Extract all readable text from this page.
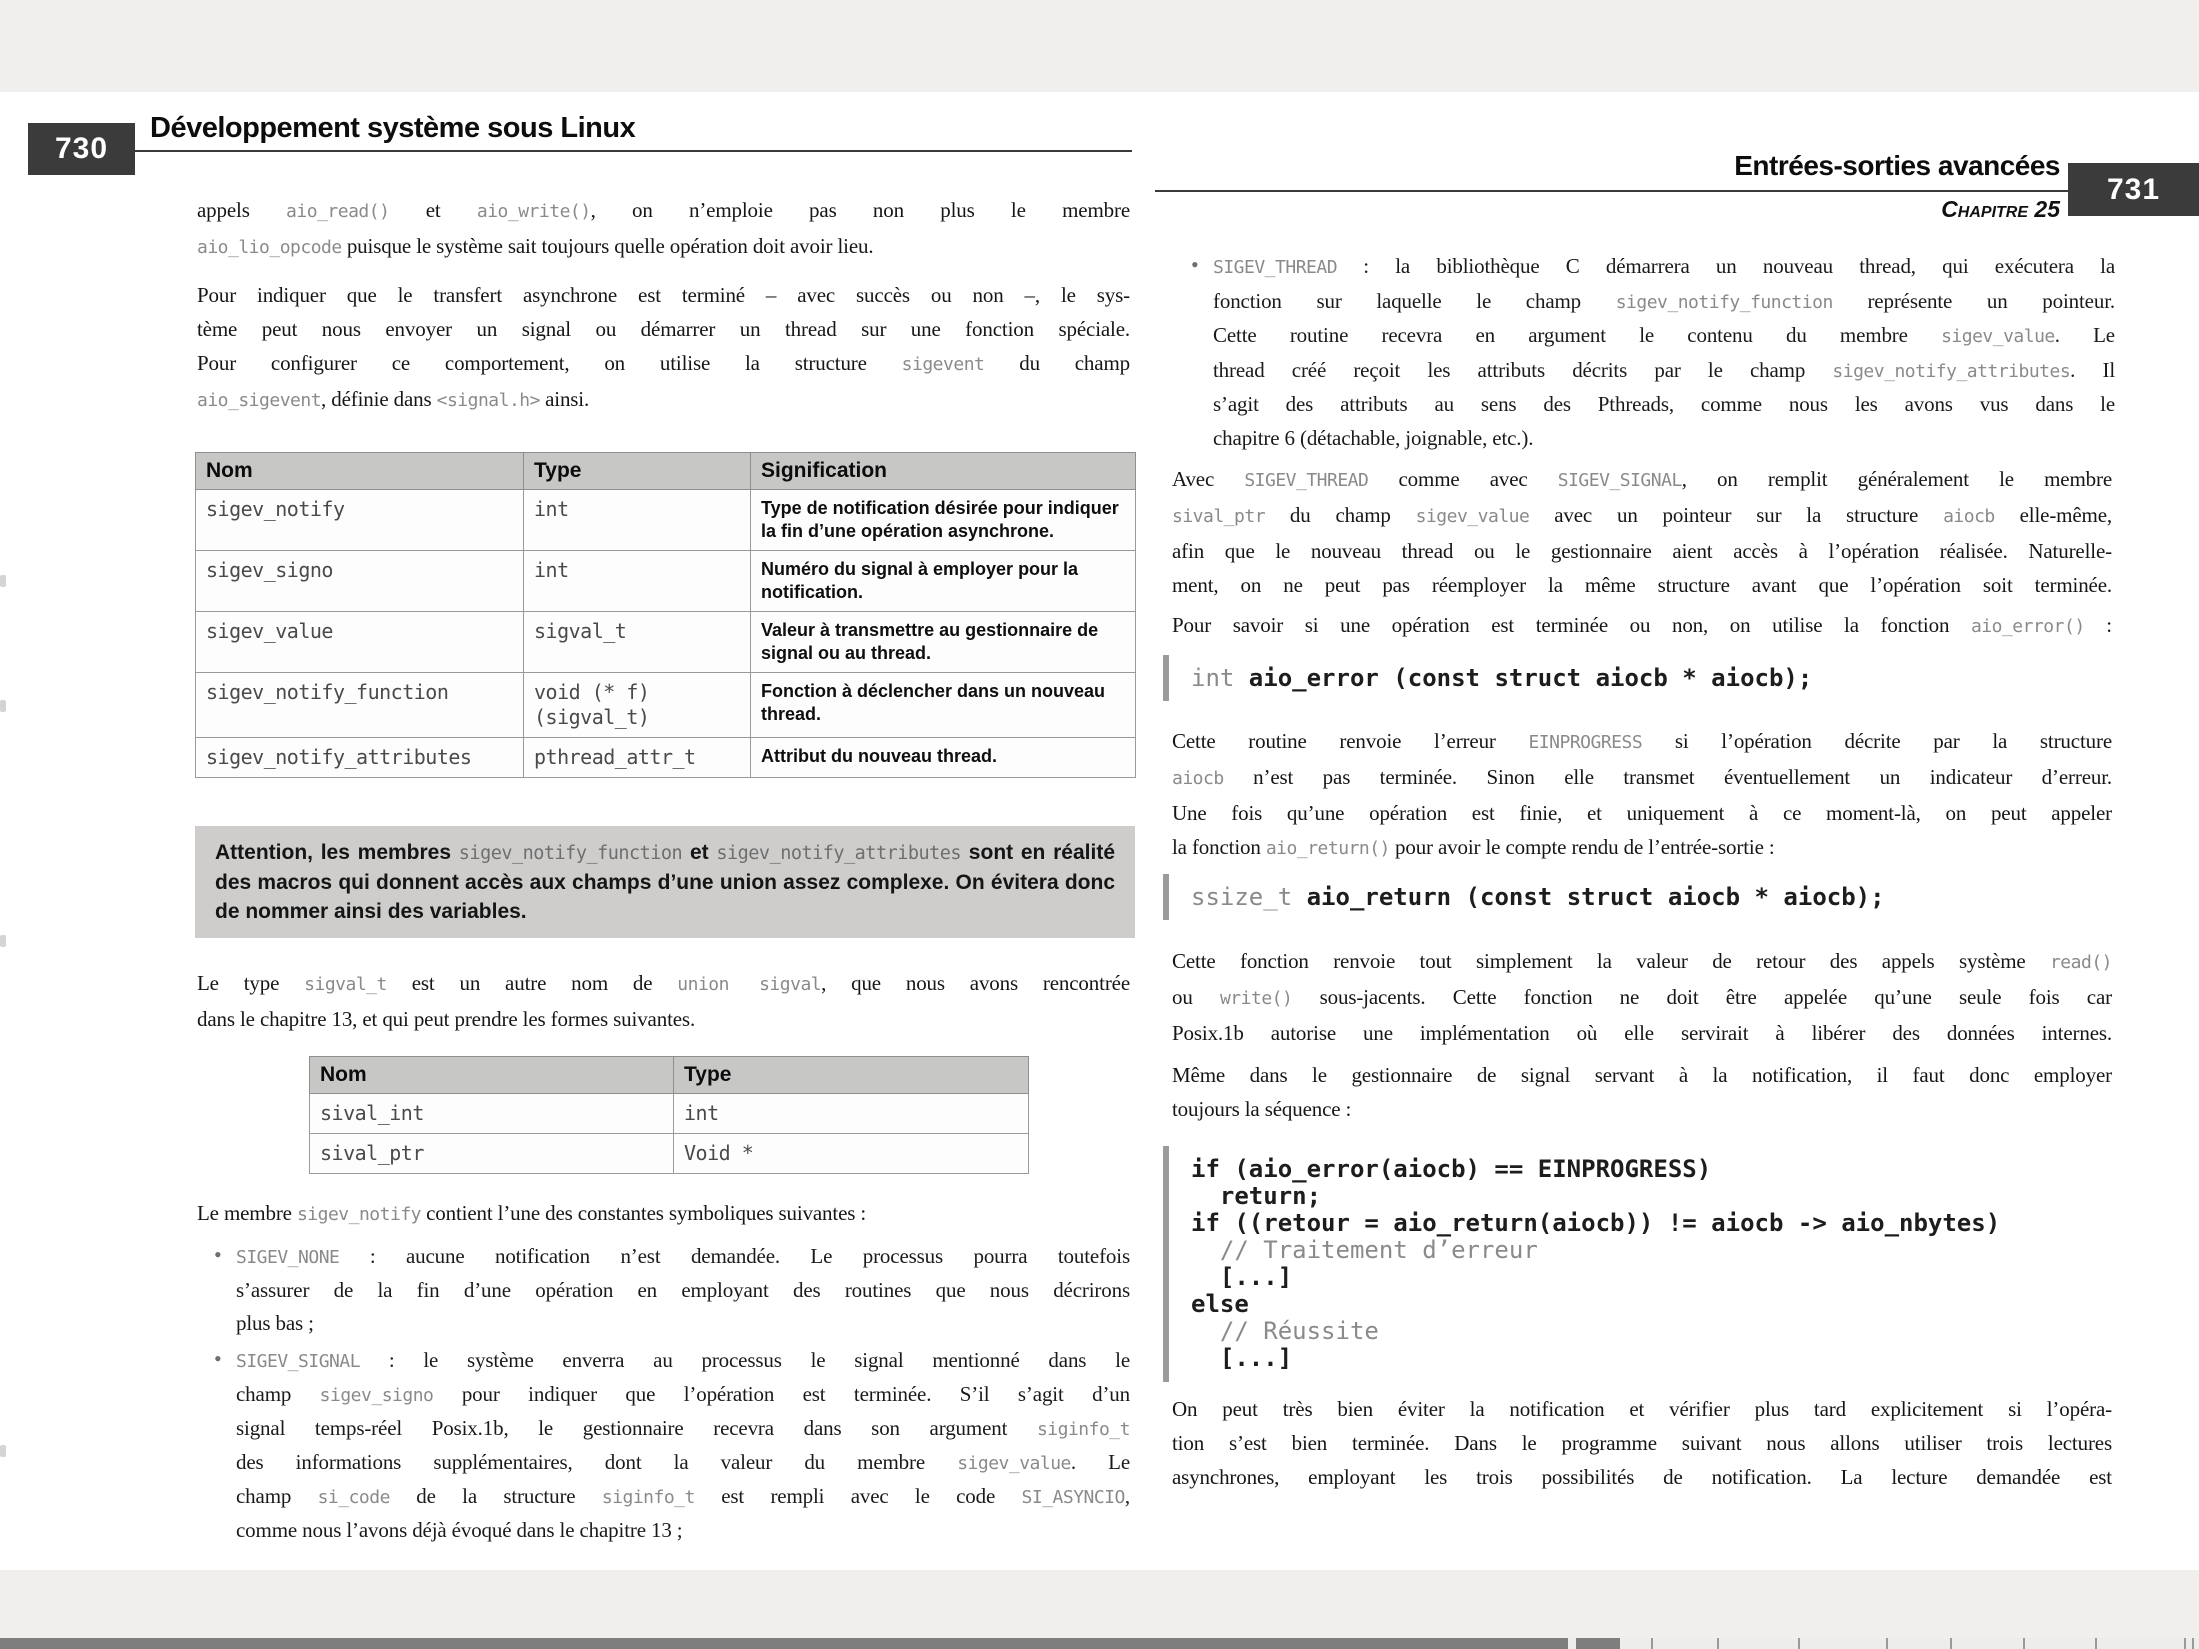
730
Développement système sous Linux
appels aio_read() et aio_write(), on n’emploie pas non plus le membre
aio_lio_opcode puisque le système sait toujours quelle opération doit avoir lieu.
Pour indiquer que le transfert asynchrone est terminé – avec succès ou non –, le sys-
tème peut nous envoyer un signal ou démarrer un thread sur une fonction spéciale.
Pour configurer ce comportement, on utilise la structure sigevent du champ
aio_sigevent, définie dans <signal.h> ainsi.
Nom	Type	Signification
sigev_notify	int	Type de notification désirée pour indiquer la fin d’une opération asynchrone.
sigev_signo	int	Numéro du signal à employer pour la notification.
sigev_value	sigval_t	Valeur à transmettre au gestionnaire de signal ou au thread.
sigev_notify_function	void (* f) (sigval_t)	Fonction à déclencher dans un nouveau thread.
sigev_notify_attributes	pthread_attr_t	Attribut du nouveau thread.
Attention, les membres sigev_notify_function et sigev_notify_attributes sont en réalité des macros qui donnent accès aux champs d’une union assez complexe. On évitera donc de nommer ainsi des variables.
Le type sigval_t est un autre nom de union sigval, que nous avons rencontrée
dans le chapitre 13, et qui peut prendre les formes suivantes.
Nom	Type
sival_int	int
sival_ptr	Void *
Le membre sigev_notify contient l’une des constantes symboliques suivantes :
• SIGEV_NONE : aucune notification n’est demandée. Le processus pourra toutefois
s’assurer de la fin d’une opération en employant des routines que nous décrirons
plus bas ;
• SIGEV_SIGNAL : le système enverra au processus le signal mentionné dans le
champ sigev_signo pour indiquer que l’opération est terminée. S’il s’agit d’un
signal temps-réel Posix.1b, le gestionnaire recevra dans son argument siginfo_t
des informations supplémentaires, dont la valeur du membre sigev_value. Le
champ si_code de la structure siginfo_t est rempli avec le code SI_ASYNCIO,
comme nous l’avons déjà évoqué dans le chapitre 13 ;
Entrées-sorties avancées
Chapitre 25
731
• SIGEV_THREAD : la bibliothèque C démarrera un nouveau thread, qui exécutera la
fonction sur laquelle le champ sigev_notify_function représente un pointeur.
Cette routine recevra en argument le contenu du membre sigev_value. Le
thread créé reçoit les attributs décrits par le champ sigev_notify_attributes. Il
s’agit des attributs au sens des Pthreads, comme nous les avons vus dans le
chapitre 6 (détachable, joignable, etc.).
Avec SIGEV_THREAD comme avec SIGEV_SIGNAL, on remplit généralement le membre
sival_ptr du champ sigev_value avec un pointeur sur la structure aiocb elle-même,
afin que le nouveau thread ou le gestionnaire aient accès à l’opération réalisée. Naturelle-
ment, on ne peut pas réemployer la même structure avant que l’opération soit terminée.
Pour savoir si une opération est terminée ou non, on utilise la fonction aio_error() :
int aio_error (const struct aiocb * aiocb);
Cette routine renvoie l’erreur EINPROGRESS si l’opération décrite par la structure
aiocb n’est pas terminée. Sinon elle transmet éventuellement un indicateur d’erreur.
Une fois qu’une opération est finie, et uniquement à ce moment-là, on peut appeler
la fonction aio_return() pour avoir le compte rendu de l’entrée-sortie :
ssize_t aio_return (const struct aiocb * aiocb);
Cette fonction renvoie tout simplement la valeur de retour des appels système read()
ou write() sous-jacents. Cette fonction ne doit être appelée qu’une seule fois car
Posix.1b autorise une implémentation où elle servirait à libérer des données internes.
Même dans le gestionnaire de signal servant à la notification, il faut donc employer
toujours la séquence :
if (aio_error(aiocb) == EINPROGRESS)
return;
if ((retour = aio_return(aiocb)) != aiocb -> aio_nbytes)
// Traitement d’erreur
[...]
else
// Réussite
[...]
On peut très bien éviter la notification et vérifier plus tard explicitement si l’opéra-
tion s’est bien terminée. Dans le programme suivant nous allons utiliser trois lectures
asynchrones, employant les trois possibilités de notification. La lecture demandée est
